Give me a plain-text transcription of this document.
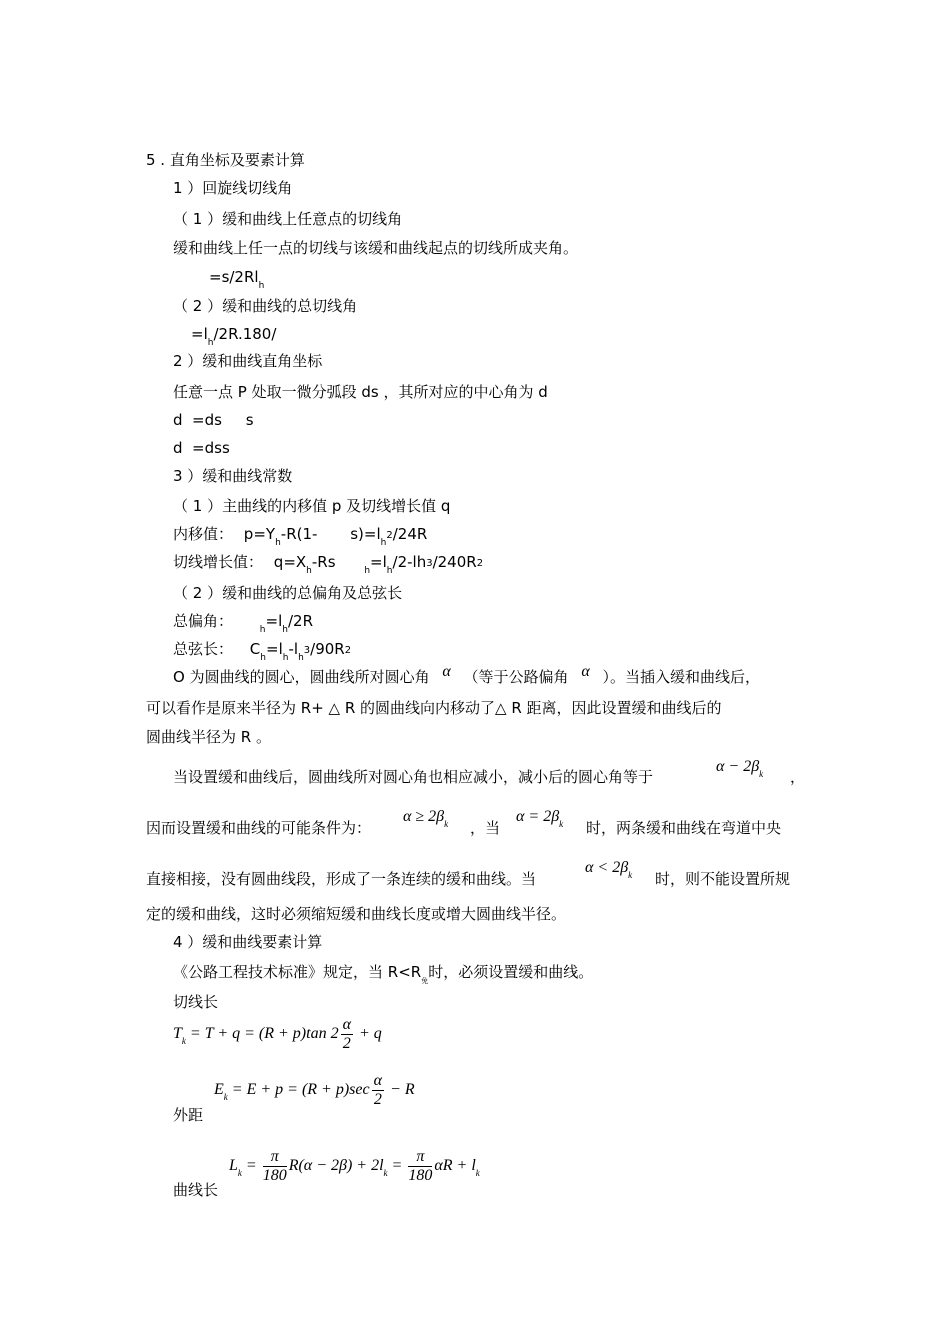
5 . 直角坐标及要素计算
1 ）回旋线切线角
（ 1 ）缓和曲线上任意点的切线角
缓和曲线上任一点的切线与该缓和曲线起点的切线所成夹角。
$=s/2Rl_h$
（ 2 ）缓和曲线的总切线角
$=l_h/2R.180/$
2 ）缓和曲线直角坐标
任意一点 P 处取一微分弧段 ds ，其所对应的中心角为 d
d  =ds     s
d  =dss
3 ）缓和曲线常数
（ 1 ）主曲线的内移值 p 及切线增长值 q
内移值： $p=Y_h-R(1-$ $s)=l_h2/24R$
切线增长值： $q=X_h-Rs$	$_h=l_h/2-lh3/240R2$
（ 2 ）缓和曲线的总偏角及总弦长
总偏角：	$_h=l_h/2R$
总弦长： $C_h=l_h-l_h3/90R2$
O 为圆曲线的圆心，圆曲线所对圆心角 α （等于公路偏角 α ）。当插入缓和曲线后，
可以看作是原来半径为 R+ △ R 的圆曲线向内移动了△ R 距离，因此设置缓和曲线后的
圆曲线半径为 R 。
当设置缓和曲线后，圆曲线所对圆心角也相应减小，减小后的圆心角等于
$\alpha - 2\beta_k$ ，
因而设置缓和曲线的可能条件为：
$\alpha \ge 2\beta_k$ ，当
$\alpha = 2\beta_k$ 时，两条缓和曲线在弯道中央
直接相接，没有圆曲线段，形成了一条连续的缓和曲线。当
$\alpha < 2\beta_k$ 时，则不能设置所规
定的缓和曲线，这时必须缩短缓和曲线长度或增大圆曲线半径。
4 ）缓和曲线要素计算
《公路工程技术标准》规定，当 $R<R_免$时，必须设置缓和曲线。
切线长
$T_k = T + q = (R + p)\tan$ $2 \frac{\alpha}{2} + q$
$E_k = E + p = (R + p)\sec \frac{\alpha}{2} - R$
外距
$L_k = \frac{\pi}{180} R(\alpha - 2\beta) + 2l_k = \frac{\pi}{180}$ $\alpha R + l_k$
曲线长
